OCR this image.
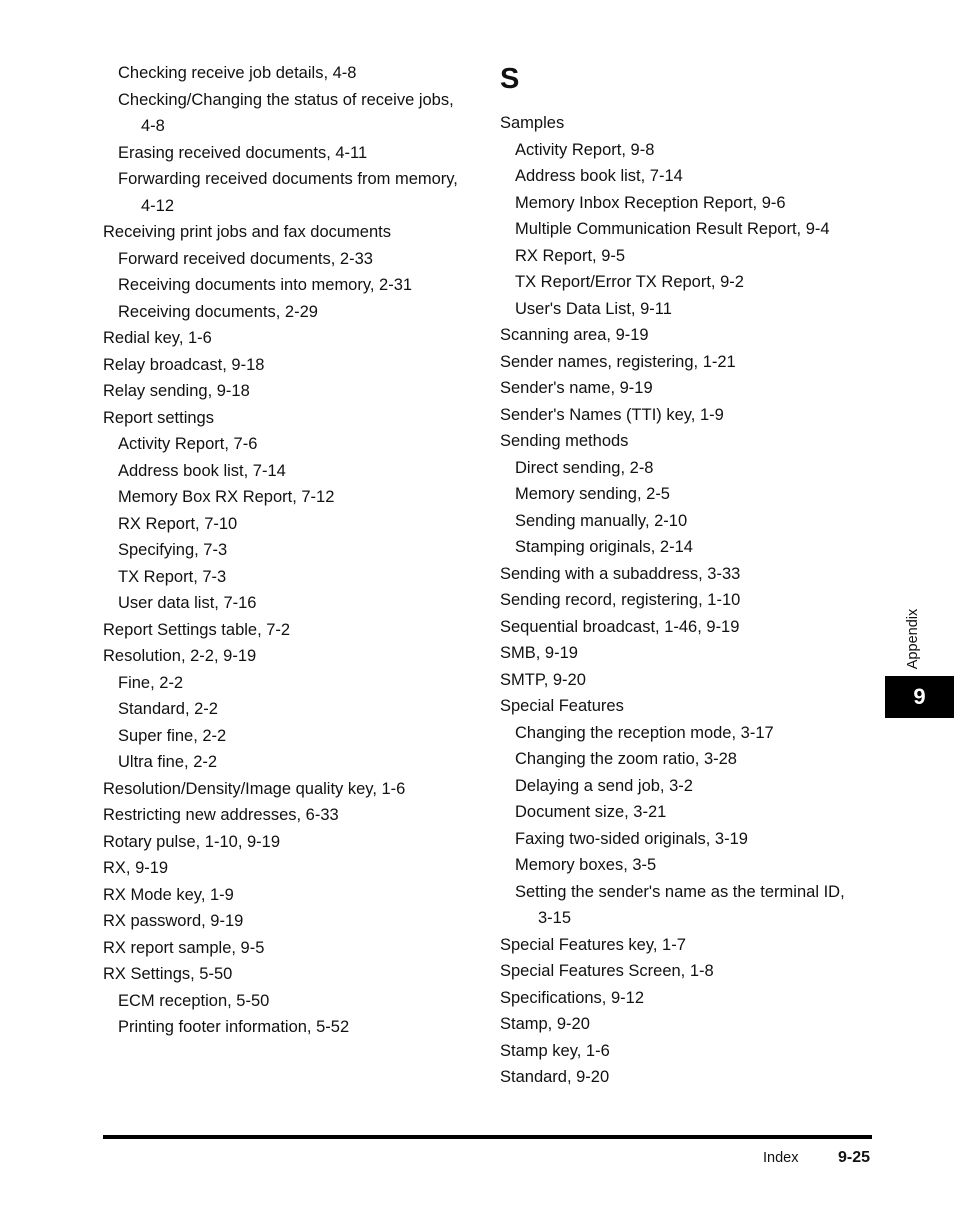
Checking receive job details, 4-8

Checking/Changing the status of receive jobs,

4-8

Erasing received documents, 4-11

Forwarding received documents from memory,

4-12

Receiving print jobs and fax documents

Forward received documents, 2-33

Receiving documents into memory, 2-31

Receiving documents, 2-29

Redial key, 1-6

Relay broadcast, 9-18

Relay sending, 9-18

Report settings

Activity Report, 7-6

Address book list, 7-14

Memory Box RX Report, 7-12

RX Report, 7-10

Specifying, 7-3

TX Report, 7-3

User data list, 7-16

Report Settings table, 7-2

Resolution, 2-2, 9-19

Fine, 2-2

Standard, 2-2

Super fine, 2-2

Ultra fine, 2-2

Resolution/Density/Image quality key, 1-6

Restricting new addresses, 6-33

Rotary pulse, 1-10, 9-19

RX, 9-19

RX Mode key, 1-9

RX password, 9-19

RX report sample, 9-5

RX Settings, 5-50

ECM reception, 5-50

Printing footer information, 5-52

S

Samples

Activity Report, 9-8

Address book list, 7-14

Memory Inbox Reception Report, 9-6

Multiple Communication Result Report, 9-4

RX Report, 9-5

TX Report/Error TX Report, 9-2

User's Data List, 9-11

Scanning area, 9-19

Sender names, registering, 1-21

Sender's name, 9-19

Sender's Names (TTI) key, 1-9

Sending methods

Direct sending, 2-8

Memory sending, 2-5

Sending manually, 2-10

Stamping originals, 2-14

Sending with a subaddress, 3-33

Sending record, registering, 1-10

Sequential broadcast, 1-46, 9-19

SMB, 9-19

SMTP, 9-20

Special Features

Changing the reception mode, 3-17

Changing the zoom ratio, 3-28

Delaying a send job, 3-2

Document size, 3-21

Faxing two-sided originals, 3-19

Memory boxes, 3-5

Setting the sender's name as the terminal ID,

3-15

Special Features key, 1-7

Special Features Screen, 1-8

Specifications, 9-12

Stamp, 9-20

Stamp key, 1-6

Standard, 9-20

Appendix
9
Index 9-25
